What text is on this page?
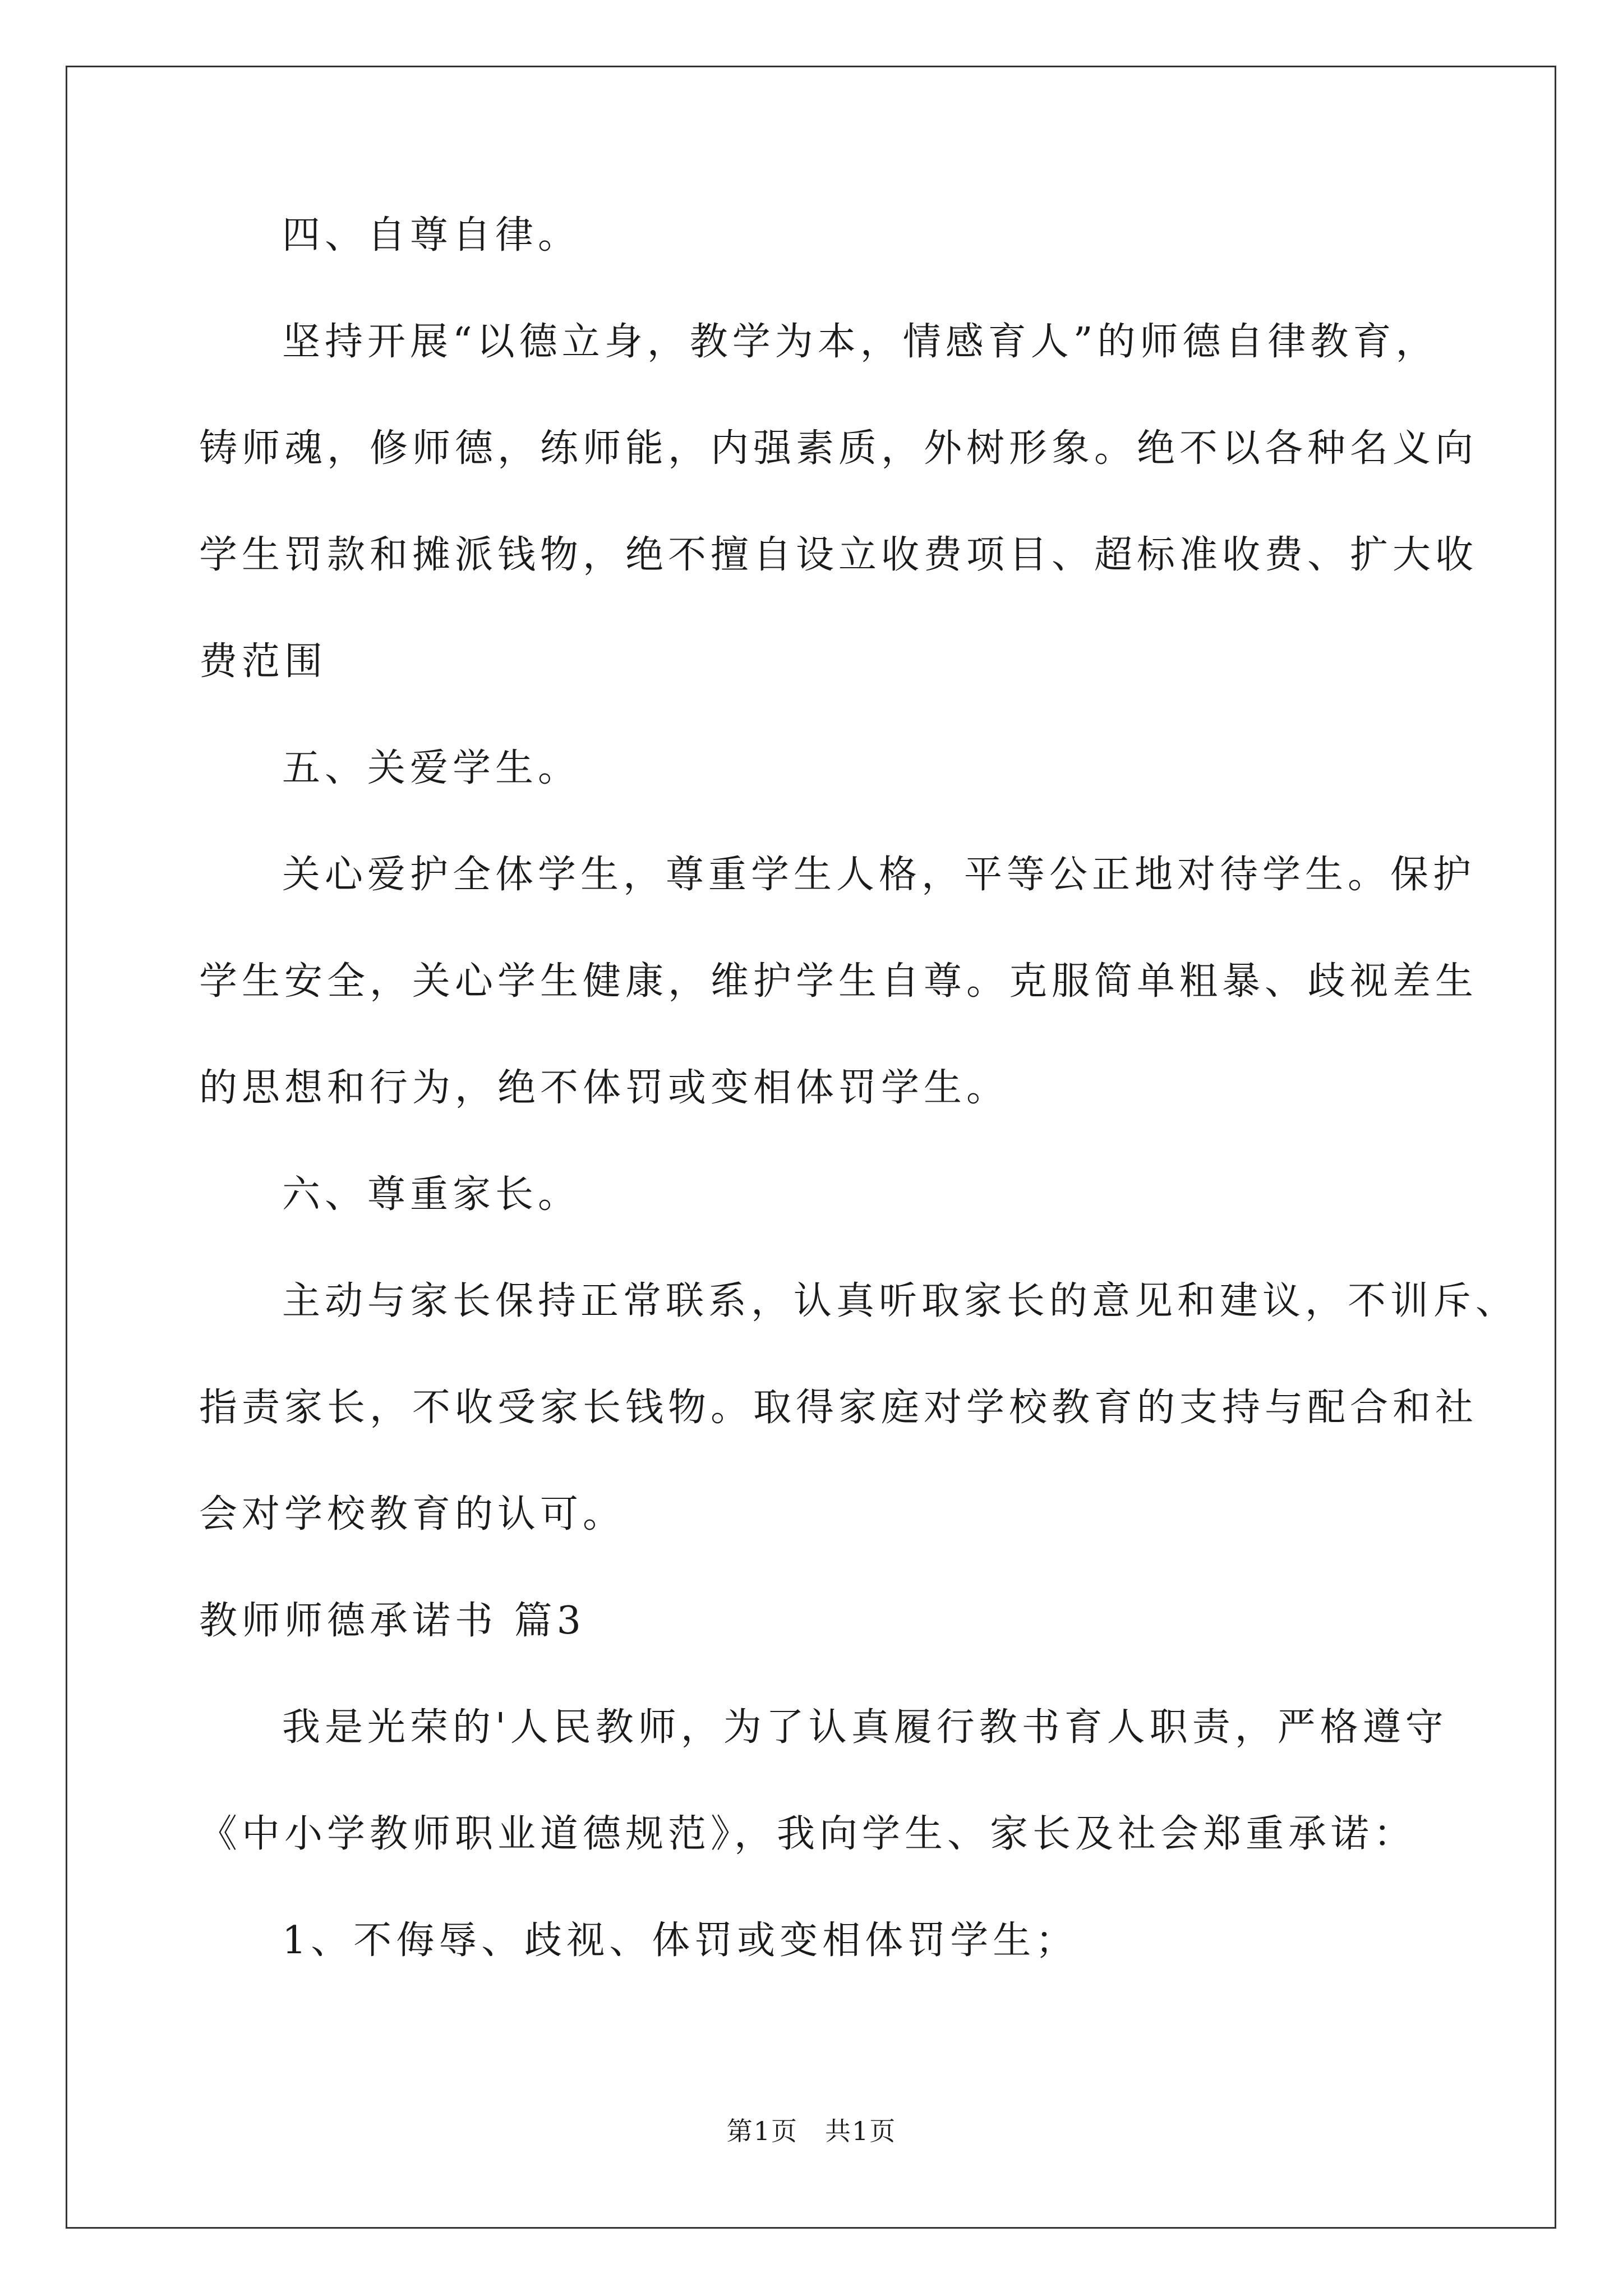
四、自尊自律。
坚持开展“以德立身，教学为本，情感育人”的师德自律教育，
铸师魂，修师德，练师能，内强素质，外树形象。绝不以各种名义向
学生罚款和摊派钱物，绝不擅自设立收费项目、超标准收费、扩大收
费范围
五、关爱学生。
关心爱护全体学生，尊重学生人格，平等公正地对待学生。保护
学生安全，关心学生健康，维护学生自尊。克服简单粗暴、歧视差生
的思想和行为，绝不体罚或变相体罚学生。
六、尊重家长。
主动与家长保持正常联系，认真听取家长的意见和建议，不训斥、
指责家长，不收受家长钱物。取得家庭对学校教育的支持与配合和社
会对学校教育的认可。
教师师德承诺书 篇3
我是光荣的'人民教师，为了认真履行教书育人职责，严格遵守
《中小学教师职业道德规范》，我向学生、家长及社会郑重承诺：
1、不侮辱、歧视、体罚或变相体罚学生；
第1页　共1页
